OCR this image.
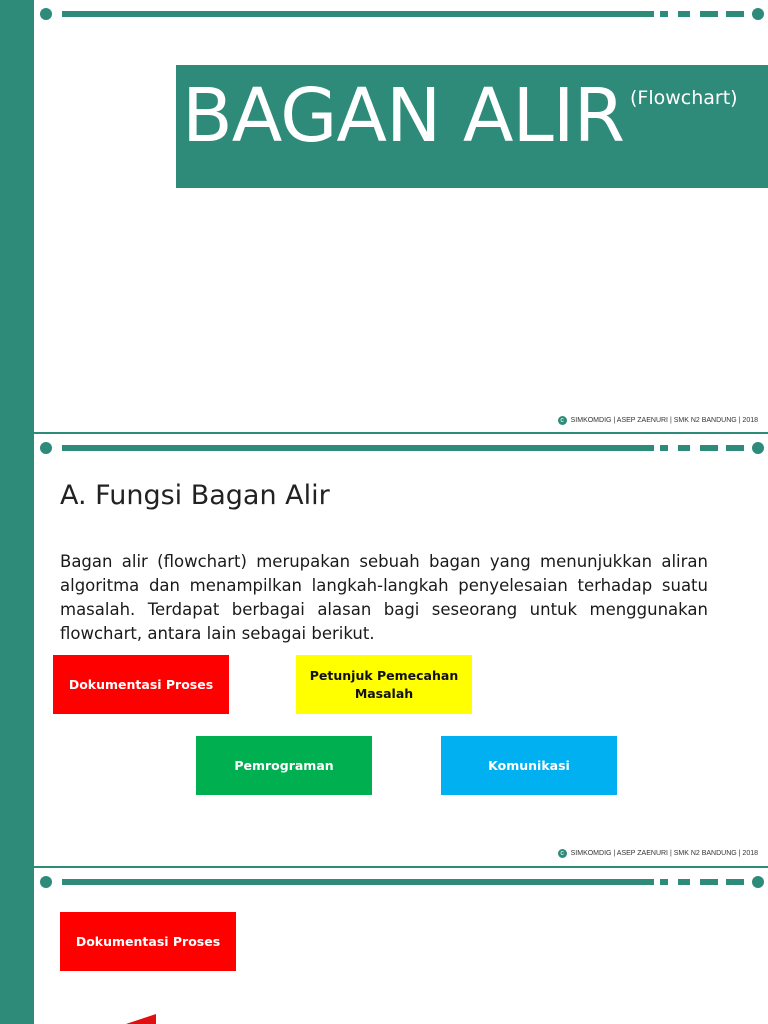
BAGAN ALIR (Flowchart)
c SIMKOMDIG | ASEP ZAENURI | SMK N2 BANDUNG | 2018
A. Fungsi Bagan Alir
Bagan alir (flowchart) merupakan sebuah bagan yang menunjukkan aliran algoritma dan menampilkan langkah-langkah penyelesaian terhadap suatu masalah. Terdapat berbagai alasan bagi seseorang untuk menggunakan flowchart, antara lain sebagai berikut.
Dokumentasi Proses
Petunjuk Pemecahan Masalah
Pemrograman	Komunikasi
c SIMKOMDIG | ASEP ZAENURI | SMK N2 BANDUNG | 2018
Dokumentasi Proses
